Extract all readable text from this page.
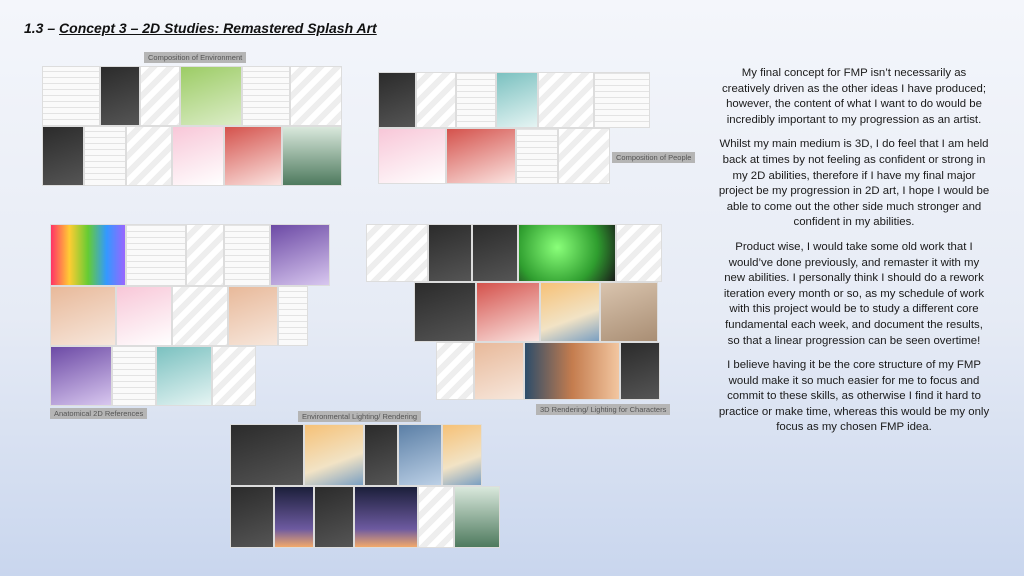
1.3 – Concept 3 – 2D Studies: Remastered Splash Art
Composition of Environment
Composition of People
Anatomical 2D References	3D Rendering/ Lighting for Characters
Environmental Lighting/ Rendering

My final concept for FMP isn’t necessarily as creatively driven as the other ideas I have produced; however, the content of what I want to do would be incredibly important to my progression as an artist.

Whilst my main medium is 3D, I do feel that I am held back at times by not feeling as confident or strong in my 2D abilities, therefore if I have my final major project be my progression in 2D art, I hope I would be able to come out the other side much stronger and confident in my abilities.

Product wise, I would take some old work that I would’ve done previously, and remaster it with my new abilities. I personally think I should do a rework iteration every month or so, as my schedule of work with this project would be to study a different core fundamental each week, and document the results, so that a linear progression can be seen overtime!

I believe having it be the core structure of my FMP would make it so much easier for me to focus and commit to these skills, as otherwise I find it hard to practice or make time, whereas this would be my only focus as my chosen FMP idea.
